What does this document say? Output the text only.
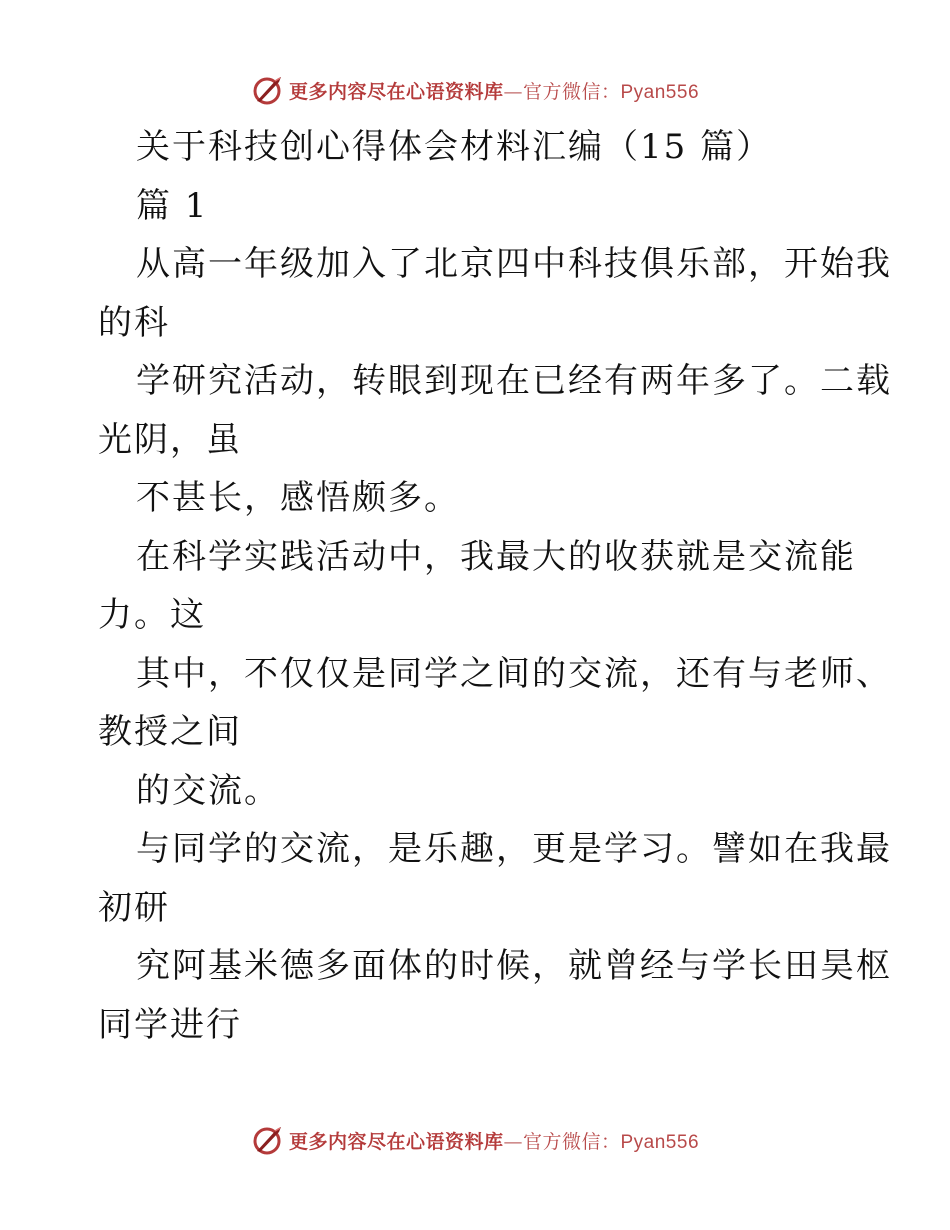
更多内容尽在心语资料库—官方微信：Pyan556
关于科技创心得体会材料汇编（15 篇）
篇 1
从高一年级加入了北京四中科技俱乐部，开始我
的科
学研究活动，转眼到现在已经有两年多了。二载
光阴，虽
不甚长，感悟颇多。
在科学实践活动中，我最大的收获就是交流能
力。这
其中，不仅仅是同学之间的交流，还有与老师、
教授之间
的交流。
与同学的交流，是乐趣，更是学习。譬如在我最
初研
究阿基米德多面体的时候，就曾经与学长田昊枢
同学进行
更多内容尽在心语资料库—官方微信：Pyan556
